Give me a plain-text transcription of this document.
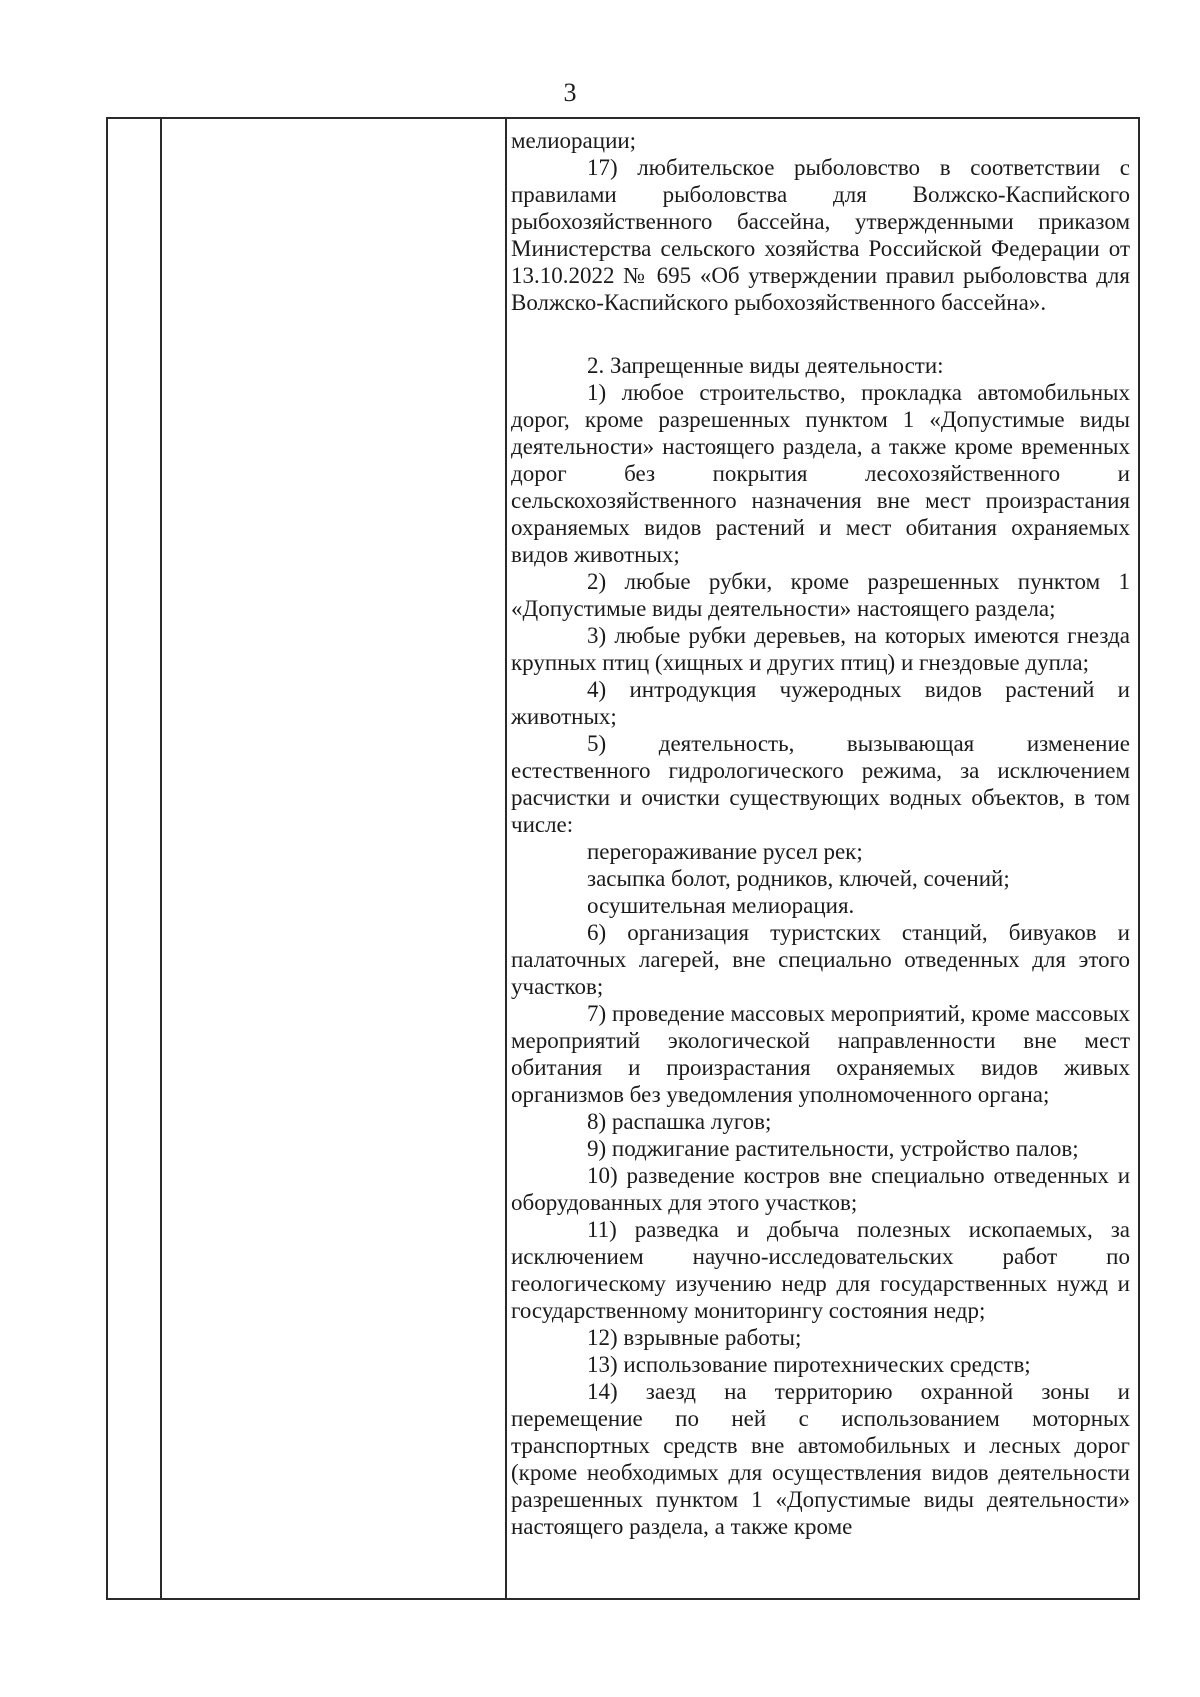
3

мелиорации;

17) любительское рыболовство в соответствии с правилами рыболовства для Волжско-Каспийского рыбохозяйственного бассейна, утвержденными приказом Министерства сельского хозяйства Российской Федерации от 13.10.2022 № 695 «Об утверждении правил рыболовства для Волжско-Каспийского рыбохозяйственного бассейна».

2. Запрещенные виды деятельности:

1) любое строительство, прокладка автомобильных дорог, кроме разрешенных пунктом 1 «Допустимые виды деятельности» настоящего раздела, а также кроме временных дорог без покрытия лесохозяйственного и сельскохозяйственного назначения вне мест произрастания охраняемых видов растений и мест обитания охраняемых видов животных;

2) любые рубки, кроме разрешенных пунктом 1 «Допустимые виды деятельности» настоящего раздела;

3) любые рубки деревьев, на которых имеются гнезда крупных птиц (хищных и других птиц) и гнездовые дупла;

4) интродукция чужеродных видов растений и животных;

5) деятельность, вызывающая изменение естественного гидрологического режима, за исключением расчистки и очистки существующих водных объектов, в том числе:

перегораживание русел рек;

засыпка болот, родников, ключей, сочений;

осушительная мелиорация.

6) организация туристских станций, бивуаков и палаточных лагерей, вне специально отведенных для этого участков;

7) проведение массовых мероприятий, кроме массовых мероприятий экологической направленности вне мест обитания и произрастания охраняемых видов живых организмов без уведомления уполномоченного органа;

8) распашка лугов;

9) поджигание растительности, устройство палов;

10) разведение костров вне специально отведенных и оборудованных для этого участков;

11) разведка и добыча полезных ископаемых, за исключением научно-исследовательских работ по геологическому изучению недр для государственных нужд и государственному мониторингу состояния недр;

12) взрывные работы;

13) использование пиротехнических средств;

14) заезд на территорию охранной зоны и перемещение по ней с использованием моторных транспортных средств вне автомобильных и лесных дорог (кроме необходимых для осуществления видов деятельности разрешенных пунктом 1 «Допустимые виды деятельности» настоящего раздела, а также кроме
